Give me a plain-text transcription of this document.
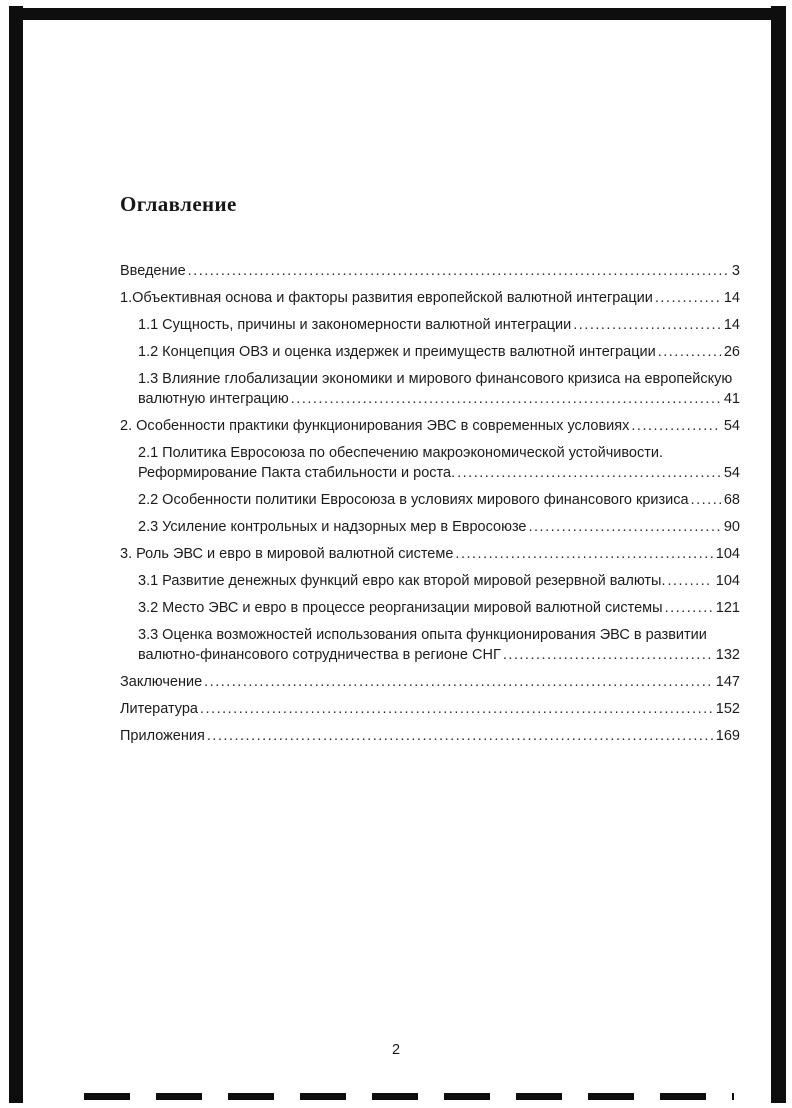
Оглавление
Введение .....	3
1.Объективная основа и факторы развития европейской валютной интеграции .....	14
1.1 Сущность, причины и закономерности валютной интеграции .....	14
1.2 Концепция ОВЗ и оценка издержек и преимуществ валютной интеграции .....	26
1.3 Влияние глобализации экономики и мирового финансового кризиса на европейскую
валютную интеграцию .....	41
2. Особенности практики функционирования ЭВС в современных условиях .....	54
2.1 Политика Евросоюза по обеспечению макроэкономической устойчивости.
Реформирование Пакта стабильности и роста. .....	54
2.2 Особенности политики Евросоюза в условиях мирового финансового кризиса ..... 68
2.3 Усиление контрольных и надзорных мер в Евросоюзе .....	90
3. Роль ЭВС и евро в мировой валютной системе .....	104
3.1 Развитие денежных функций евро как второй мировой резервной валюты. .....	104
3.2 Место ЭВС и евро в процессе реорганизации мировой валютной системы .....	121
3.3 Оценка возможностей использования опыта функционирования ЭВС в развитии
валютно-финансового сотрудничества в регионе СНГ .....	132
Заключение .....	147
Литература .....	152
Приложения .....	169
2
